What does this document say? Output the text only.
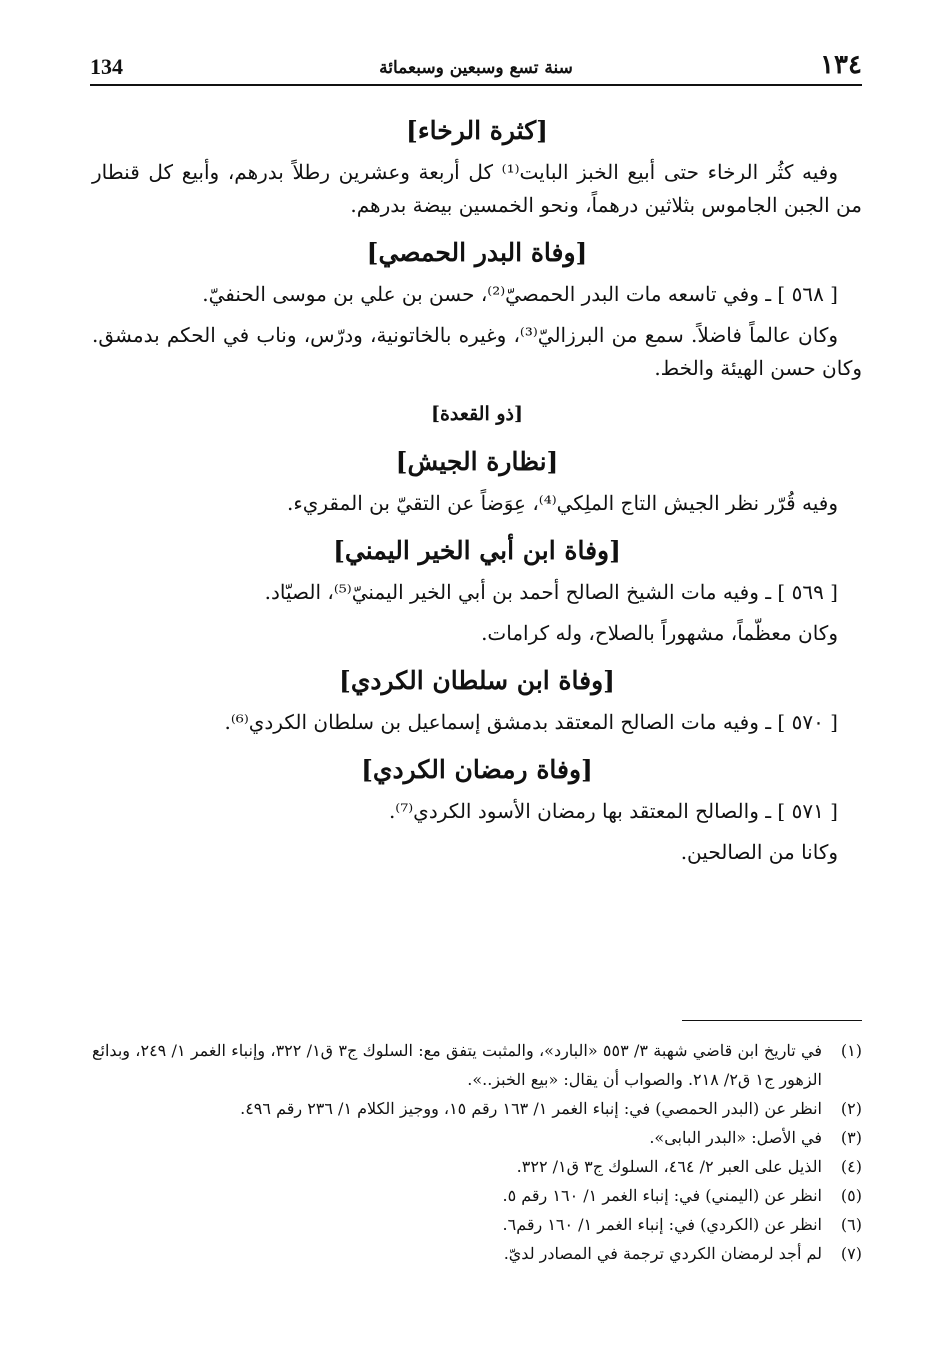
١٣٤
سنة تسع وسبعين وسبعمائة
134
[كثرة الرخاء]

وفيه كثُر الرخاء حتى أبيع الخبز البايت⁽¹⁾ كل أربعة وعشرين رطلاً بدرهم، وأبيع كل قنطار من الجبن الجاموس بثلاثين درهماً، ونحو الخمسين بيضة بدرهم.

[وفاة البدر الحمصي]

[ ٥٦٨ ] ـ وفي تاسعه مات البدر الحمصيّ⁽²⁾، حسن بن علي بن موسى الحنفيّ.

وكان عالماً فاضلاً. سمع من البرزاليّ⁽³⁾، وغيره بالخاتونية، ودرّس، وناب في الحكم بدمشق. وكان حسن الهيئة والخط.

[ذو القعدة]
[نظارة الجيش]

وفيه قُرّر نظر الجيش التاج الملِكي⁽⁴⁾، عِوَضاً عن التقيّ بن المقريء.

[وفاة ابن أبي الخير اليمني]

[ ٥٦٩ ] ـ وفيه مات الشيخ الصالح أحمد بن أبي الخير اليمنيّ⁽⁵⁾، الصيّاد.

وكان معظّماً، مشهوراً بالصلاح، وله كرامات.

[وفاة ابن سلطان الكردي]

[ ٥٧٠ ] ـ وفيه مات الصالح المعتقد بدمشق إسماعيل بن سلطان الكردي⁽⁶⁾.

[وفاة رمضان الكردي]

[ ٥٧١ ] ـ والصالح المعتقد بها رمضان الأسود الكردي⁽⁷⁾.

وكانا من الصالحين.

(١)
في تاريخ ابن قاضي شهبة ٣/ ٥٥٣ «البارد»، والمثبت يتفق مع: السلوك ج٣ ق١/ ٣٢٢، وإنباء الغمر ١/ ٢٤٩، وبدائع الزهور ج١ ق٢/ ٢١٨. والصواب أن يقال: «بيع الخبز..».
(٢)
انظر عن (البدر الحمصي) في: إنباء الغمر ١/ ١٦٣ رقم ١٥، ووجيز الكلام ١/ ٢٣٦ رقم ٤٩٦.
(٣)
في الأصل: «البدر البابى».
(٤)
الذيل على العبر ٢/ ٤٦٤، السلوك ج٣ ق١/ ٣٢٢.
(٥)
انظر عن (اليمني) في: إنباء الغمر ١/ ١٦٠ رقم ٥.
(٦)
انظر عن (الكردي) في: إنباء الغمر ١/ ١٦٠ رقم٦.
(٧)
لم أجد لرمضان الكردي ترجمة في المصادر لديّ.
